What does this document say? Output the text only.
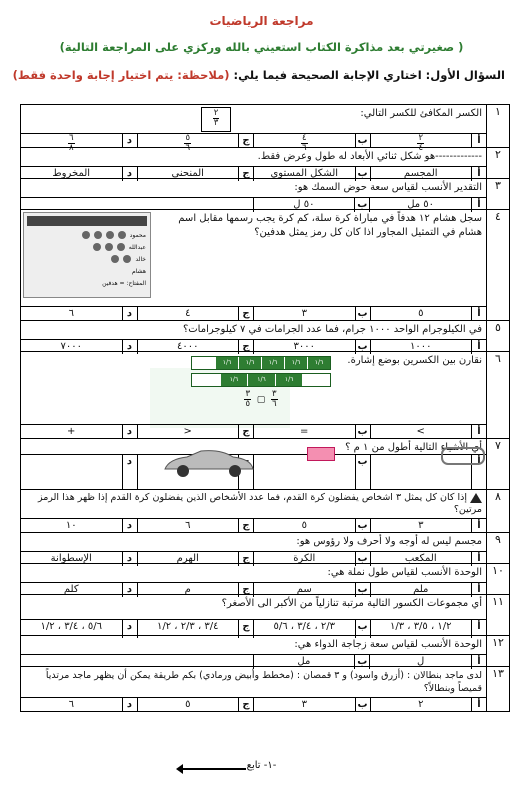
مراجعة الرياضيات
( صغيرتي بعد مذاكرة الكتاب استعيني بالله وركزي على المراجعة التالية)
السؤال الأول: اختاري الإجابة الصحيحة فيما يلي: (ملاحظة: يتم اختيار إجابة واحدة فقط)
١
الكسر المكافئ للكسر التالي:
$\frac{٢}{٣}$
أ
$\frac{٢}{٤}$
ب
$\frac{٤}{٦}$
ج
$\frac{٥}{٦}$
د
$\frac{٦}{٨}$
٢
-------------هو شكل ثنائي الأبعاد له طول وعرض فقط.
أ
المجسم
ب
الشكل المستوي
ج
المنحنى
د
المخروط
٣
التقدير الأنسب لقياس سعة حوض السمك هو:
أ
٥٠ مل
ب
٥٠ ل
٤
سجل هشام ١٢ هدفاً في مباراة كرة سلة، كم كرة يجب رسمها مقابل اسم هشام في التمثيل المجاور اذا كان كل رمز يمثل هدفين؟
محمود
عبدالله
خالد
هشام
المفتاح: = هدفين
أ
٥
ب
٣
ج
٤
د
٦
٥
في الكيلوجرام الواحد ١٠٠٠ جرام، فما عدد الجرامات في ٧ كيلوجرامات؟
أ
١٠٠٠
ب
٣٠٠٠
ج
٤٠٠٠
د
٧٠٠٠
٦
نقارن بين الكسرين بوضع إشارة.
١/٦
١/٦
١/٦
١/٦
١/٦
١/٦
١/٦
١/٦
$\frac{٣}{٥}$  ▢ $\frac{٣}{٦}$
أ
>
ب
=
ج
<
د
+
٧
أي الأشياء التالية أطول من ١ م ؟
أ
ب
د
٨
إذا كان كل يمثل ٣ اشخاص يفضلون كرة القدم، فما عدد الأشخاص الذين يفضلون كرة القدم إذا ظهر هذا الرمز مرتين؟
أ
٣
ب
٥
ج
٦
د
١٠
٩
مجسم ليس له أوجه ولا أحرف ولا رؤوس هو:
أ
المكعب
ب
الكرة
ج
الهرم
د
الإسطوانة
١٠
الوحدة الأنسب لقياس طول نملة هي:
أ
ملم
ب
سم
ج
م
د
كلم
١١
أي مجموعات الكسور التالية مرتبة تنازلياً من الأكبر الى الأصغر؟
أ
١/٢ ، ٣/٥ ، ١/٣
ب
٢/٣ ، ٣/٤ ، ٥/٦
ج
٣/٤ ، ٢/٣ ، ١/٢
د
٥/٦ ، ٣/٤ ، ١/٢
١٢
الوحدة الأنسب لقياس سعة زجاجة الدواء هي:
أ
ل
ب
مل
١٣
لدى ماجد بنطالان : (أزرق واسود) و ٣ قمصان : (مخطط وأبيض ورمادي) بكم طريقة يمكن أن يظهر ماجد مرتدياً قميصاً وبنطالاً؟
أ
٢
ب
٣
ج
٥
د
٦
-١- تابع
